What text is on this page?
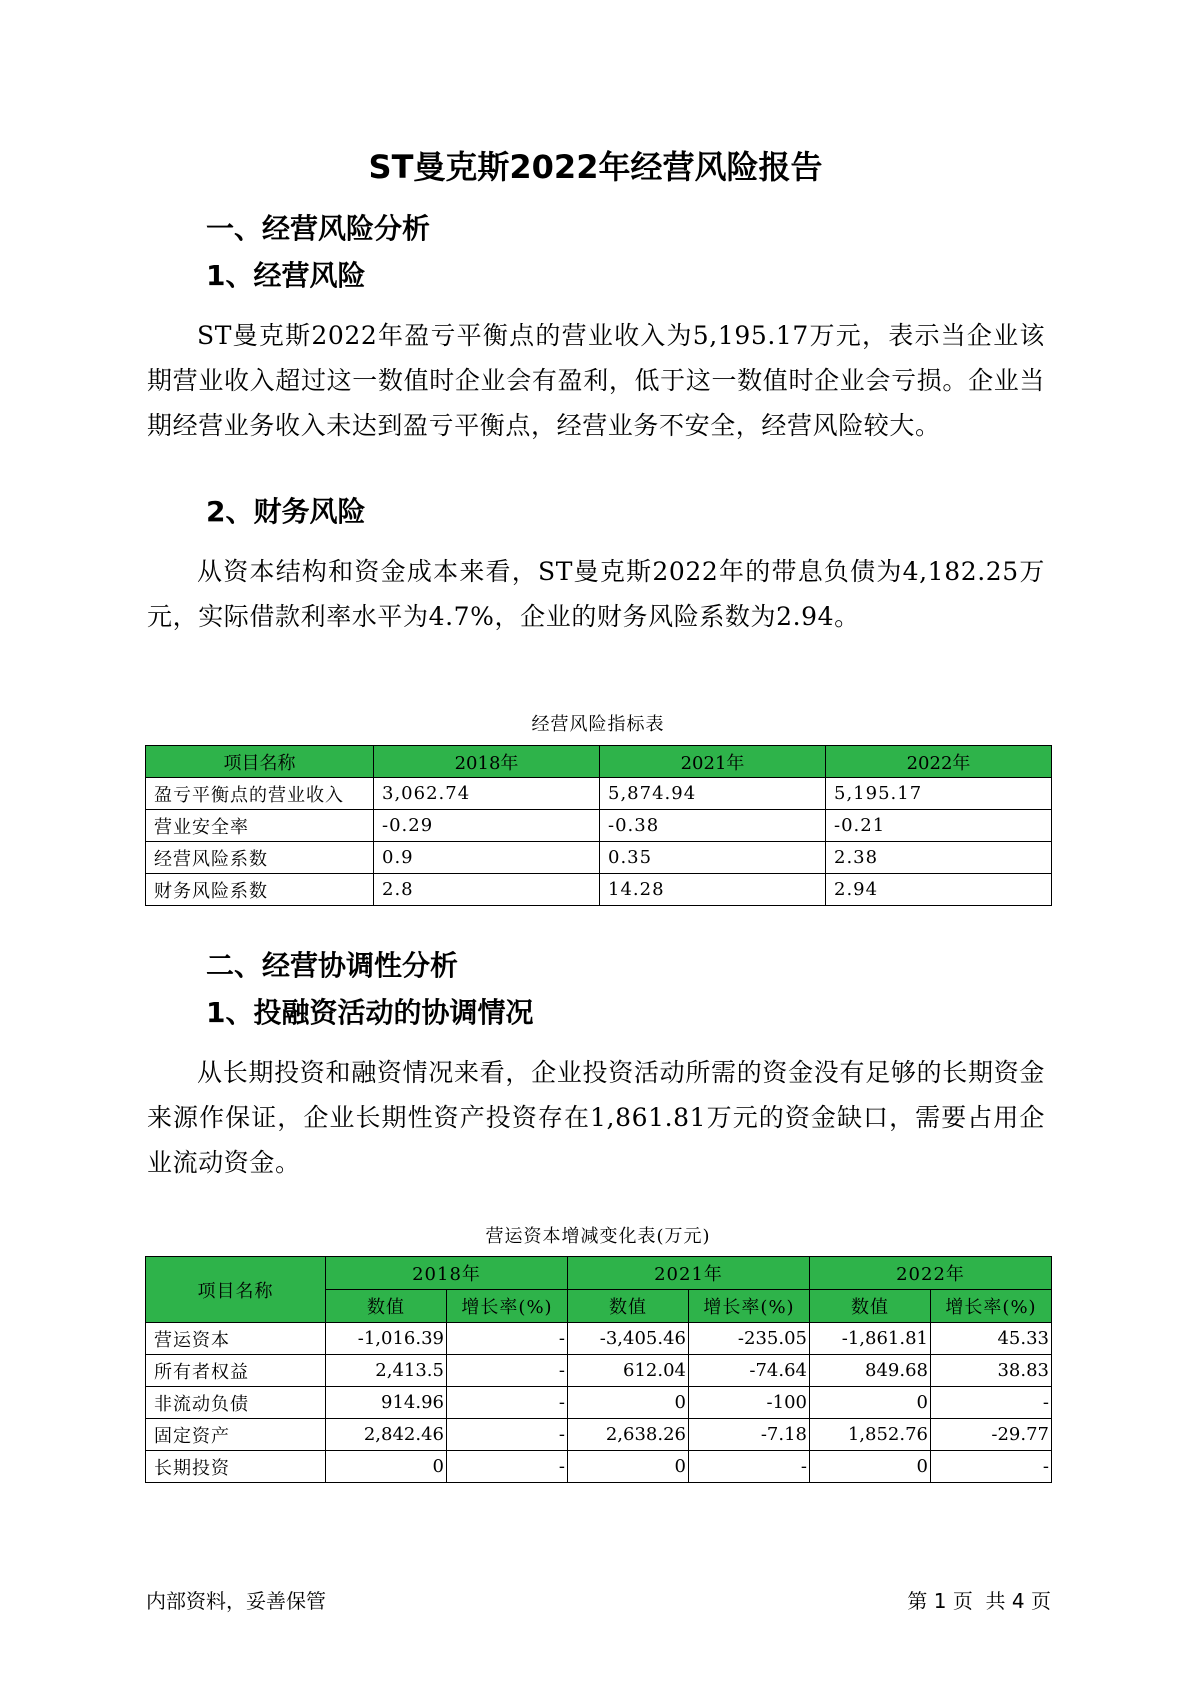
ST曼克斯2022年经营风险报告
一、经营风险分析
1、经营风险
ST曼克斯2022年盈亏平衡点的营业收入为5,195.17万元，表示当企业该期营业收入超过这一数值时企业会有盈利，低于这一数值时企业会亏损。企业当期经营业务收入未达到盈亏平衡点，经营业务不安全，经营风险较大。
2、财务风险
从资本结构和资金成本来看，ST曼克斯2022年的带息负债为4,182.25万元，实际借款利率水平为4.7%，企业的财务风险系数为2.94。
经营风险指标表
项目名称	2018年	2021年	2022年
盈亏平衡点的营业收入	3,062.74	5,874.94	5,195.17
营业安全率	-0.29	-0.38	-0.21
经营风险系数	0.9	0.35	2.38
财务风险系数	2.8	14.28	2.94
二、经营协调性分析
1、投融资活动的协调情况
从长期投资和融资情况来看，企业投资活动所需的资金没有足够的长期资金来源作保证，企业长期性资产投资存在1,861.81万元的资金缺口，需要占用企业流动资金。
营运资本增减变化表(万元)
项目名称	2018年		2021年		2022年	
	数值	增长率(%)	数值	增长率(%)	数值	增长率(%)
营运资本	-1,016.39	-	-3,405.46	-235.05	-1,861.81	45.33
所有者权益	2,413.5	-	612.04	-74.64	849.68	38.83
非流动负债	914.96	-	0	-100	0	-
固定资产	2,842.46	-	2,638.26	-7.18	1,852.76	-29.77
长期投资	0	-	0	-	0	-
内部资料，妥善保管	第 1 页  共 4 页
